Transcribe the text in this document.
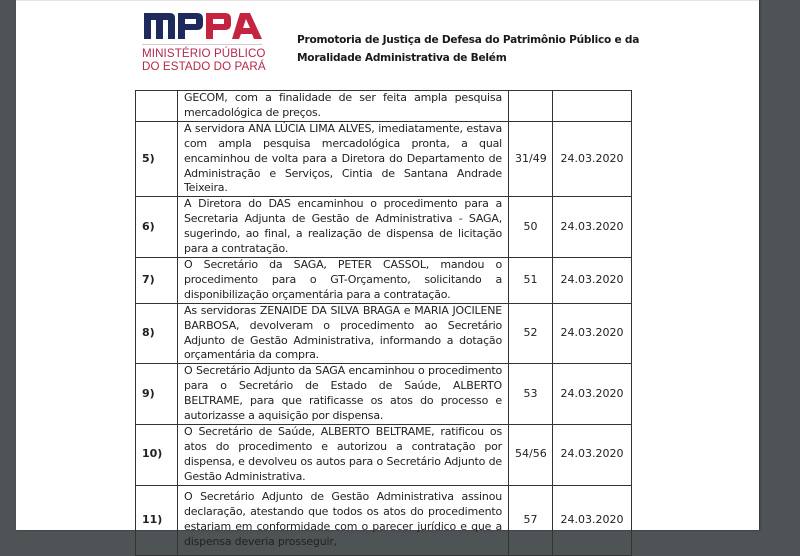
MINISTÉRIO PÚBLICO
DO ESTADO DO PARÁ
Promotoria de Justiça de Defesa do Patrimônio Público e da Moralidade Administrativa de Belém
	GECOM, com a finalidade de ser feita ampla pesquisa mercadológica de preços.		
5)	A servidora ANA LÚCIA LIMA ALVES, imediatamente, estava com ampla pesquisa mercadológica pronta, a qual encaminhou de volta para a Diretora do Departamento de Administração e Serviços, Cintia de Santana Andrade Teixeira.	31/49	24.03.2020
6)	A Diretora do DAS encaminhou o procedimento para a Secretaria Adjunta de Gestão de Administrativa - SAGA, sugerindo, ao final, a realização de dispensa de licitação para a contratação.	50	24.03.2020
7)	O Secretário da SAGA, PETER CASSOL, mandou o procedimento para o GT-Orçamento, solicitando a disponibilização orçamentária para a contratação.	51	24.03.2020
8)	As servidoras ZENAIDE DA SILVA BRAGA e MARIA JOCILENE BARBOSA, devolveram o procedimento ao Secretário Adjunto de Gestão Administrativa, informando a dotação orçamentária da compra.	52	24.03.2020
9)	O Secretário Adjunto da SAGA encaminhou o procedimento para o Secretário de Estado de Saúde, ALBERTO BELTRAME, para que ratificasse os atos do processo e autorizasse a aquisição por dispensa.	53	24.03.2020
10)	O Secretário de Saúde, ALBERTO BELTRAME, ratificou os atos do procedimento e autorizou a contratação por dispensa, e devolveu os autos para o Secretário Adjunto de Gestão Administrativa.	54/56	24.03.2020
11)	O Secretário Adjunto de Gestão Administrativa assinou declaração, atestando que todos os atos do procedimento estariam em conformidade com o parecer jurídico e que a dispensa deveria prosseguir,	57	24.03.2020
